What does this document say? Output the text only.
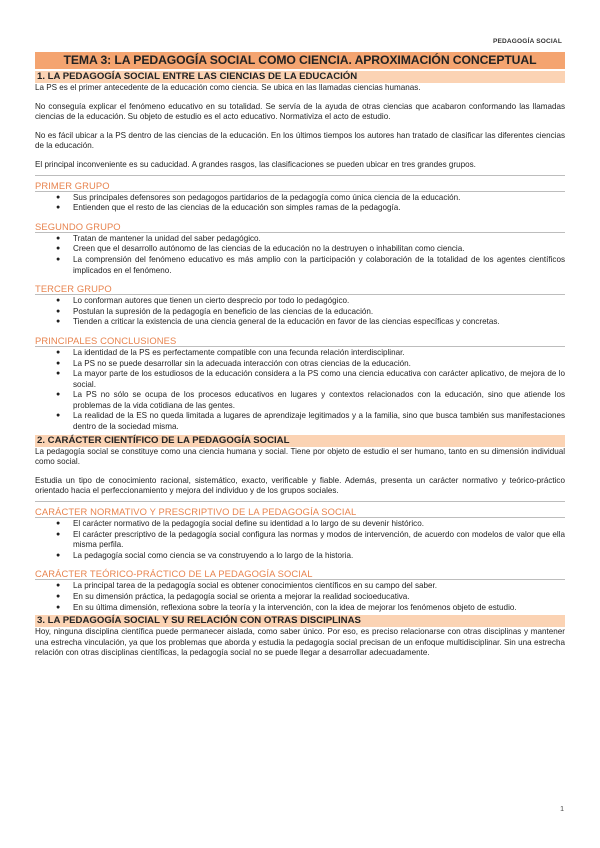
PEDAGOGÍA SOCIAL
TEMA 3: LA PEDAGOGÍA SOCIAL COMO CIENCIA. APROXIMACIÓN CONCEPTUAL
1. LA PEDAGOGÍA SOCIAL ENTRE LAS CIENCIAS DE LA EDUCACIÓN

La PS es el primer antecedente de la educación como ciencia. Se ubica en las llamadas ciencias humanas.

No conseguía explicar el fenómeno educativo en su totalidad. Se servía de la ayuda de otras ciencias que acabaron conformando las llamadas ciencias de la educación. Su objeto de estudio es el acto educativo. Normativiza el acto de estudio.

No es fácil ubicar a la PS dentro de las ciencias de la educación. En los últimos tiempos los autores han tratado de clasificar las diferentes ciencias de la educación.

El principal inconveniente es su caducidad. A grandes rasgos, las clasificaciones se pueden ubicar en tres grandes grupos.

PRIMER GRUPO
● Sus principales defensores son pedagogos partidarios de la pedagogía como única ciencia de la educación.
● Entienden que el resto de las ciencias de la educación son simples ramas de la pedagogía.
SEGUNDO GRUPO
● Tratan de mantener la unidad del saber pedagógico.
● Creen que el desarrollo autónomo de las ciencias de la educación no la destruyen o inhabilitan como ciencia.
● La comprensión del fenómeno educativo es más amplio con la participación y colaboración de la totalidad de los agentes científicos implicados en el fenómeno.
TERCER GRUPO
● Lo conforman autores que tienen un cierto desprecio por todo lo pedagógico.
● Postulan la supresión de la pedagogía en beneficio de las ciencias de la educación.
● Tienden a criticar la existencia de una ciencia general de la educación en favor de las ciencias específicas y concretas.
PRINCIPALES CONCLUSIONES
● La identidad de la PS es perfectamente compatible con una fecunda relación interdisciplinar.
● La PS no se puede desarrollar sin la adecuada interacción con otras ciencias de la educación.
● La mayor parte de los estudiosos de la educación considera a la PS como una ciencia educativa con carácter aplicativo, de mejora de lo social.
● La PS no sólo se ocupa de los procesos educativos en lugares y contextos relacionados con la educación, sino que atiende los problemas de la vida cotidiana de las gentes.
● La realidad de la ES no queda limitada a lugares de aprendizaje legitimados y a la familia, sino que busca también sus manifestaciones dentro de la sociedad misma.
2. CARÁCTER CIENTÍFICO DE LA PEDAGOGÍA SOCIAL

La pedagogía social se constituye como una ciencia humana y social. Tiene por objeto de estudio el ser humano, tanto en su dimensión individual como social.

Estudia un tipo de conocimiento racional, sistemático, exacto, verificable y fiable. Además, presenta un carácter normativo y teórico-práctico orientado hacia el perfeccionamiento y mejora del individuo y de los grupos sociales.

CARÁCTER NORMATIVO Y PRESCRIPTIVO DE LA PEDAGOGÍA SOCIAL
● El carácter normativo de la pedagogía social define su identidad a lo largo de su devenir histórico.
● El carácter prescriptivo de la pedagogía social configura las normas y modos de intervención, de acuerdo con modelos de valor que ella misma perfila.
● La pedagogía social como ciencia se va construyendo a lo largo de la historia.
CARÁCTER TEÓRICO-PRÁCTICO DE LA PEDAGOGÍA SOCIAL
● La principal tarea de la pedagogía social es obtener conocimientos científicos en su campo del saber.
● En su dimensión práctica, la pedagogía social se orienta a mejorar la realidad socioeducativa.
● En su última dimensión, reflexiona sobre la teoría y la intervención, con la idea de mejorar los fenómenos objeto de estudio.
3. LA PEDAGOGÍA SOCIAL Y SU RELACIÓN CON OTRAS DISCIPLINAS

Hoy, ninguna disciplina científica puede permanecer aislada, como saber único. Por eso, es preciso relacionarse con otras disciplinas y mantener una estrecha vinculación, ya que los problemas que aborda y estudia la pedagogía social precisan de un enfoque multidisciplinar. Sin una estrecha relación con otras disciplinas científicas, la pedagogía social no se puede llegar a desarrollar adecuadamente.

1
